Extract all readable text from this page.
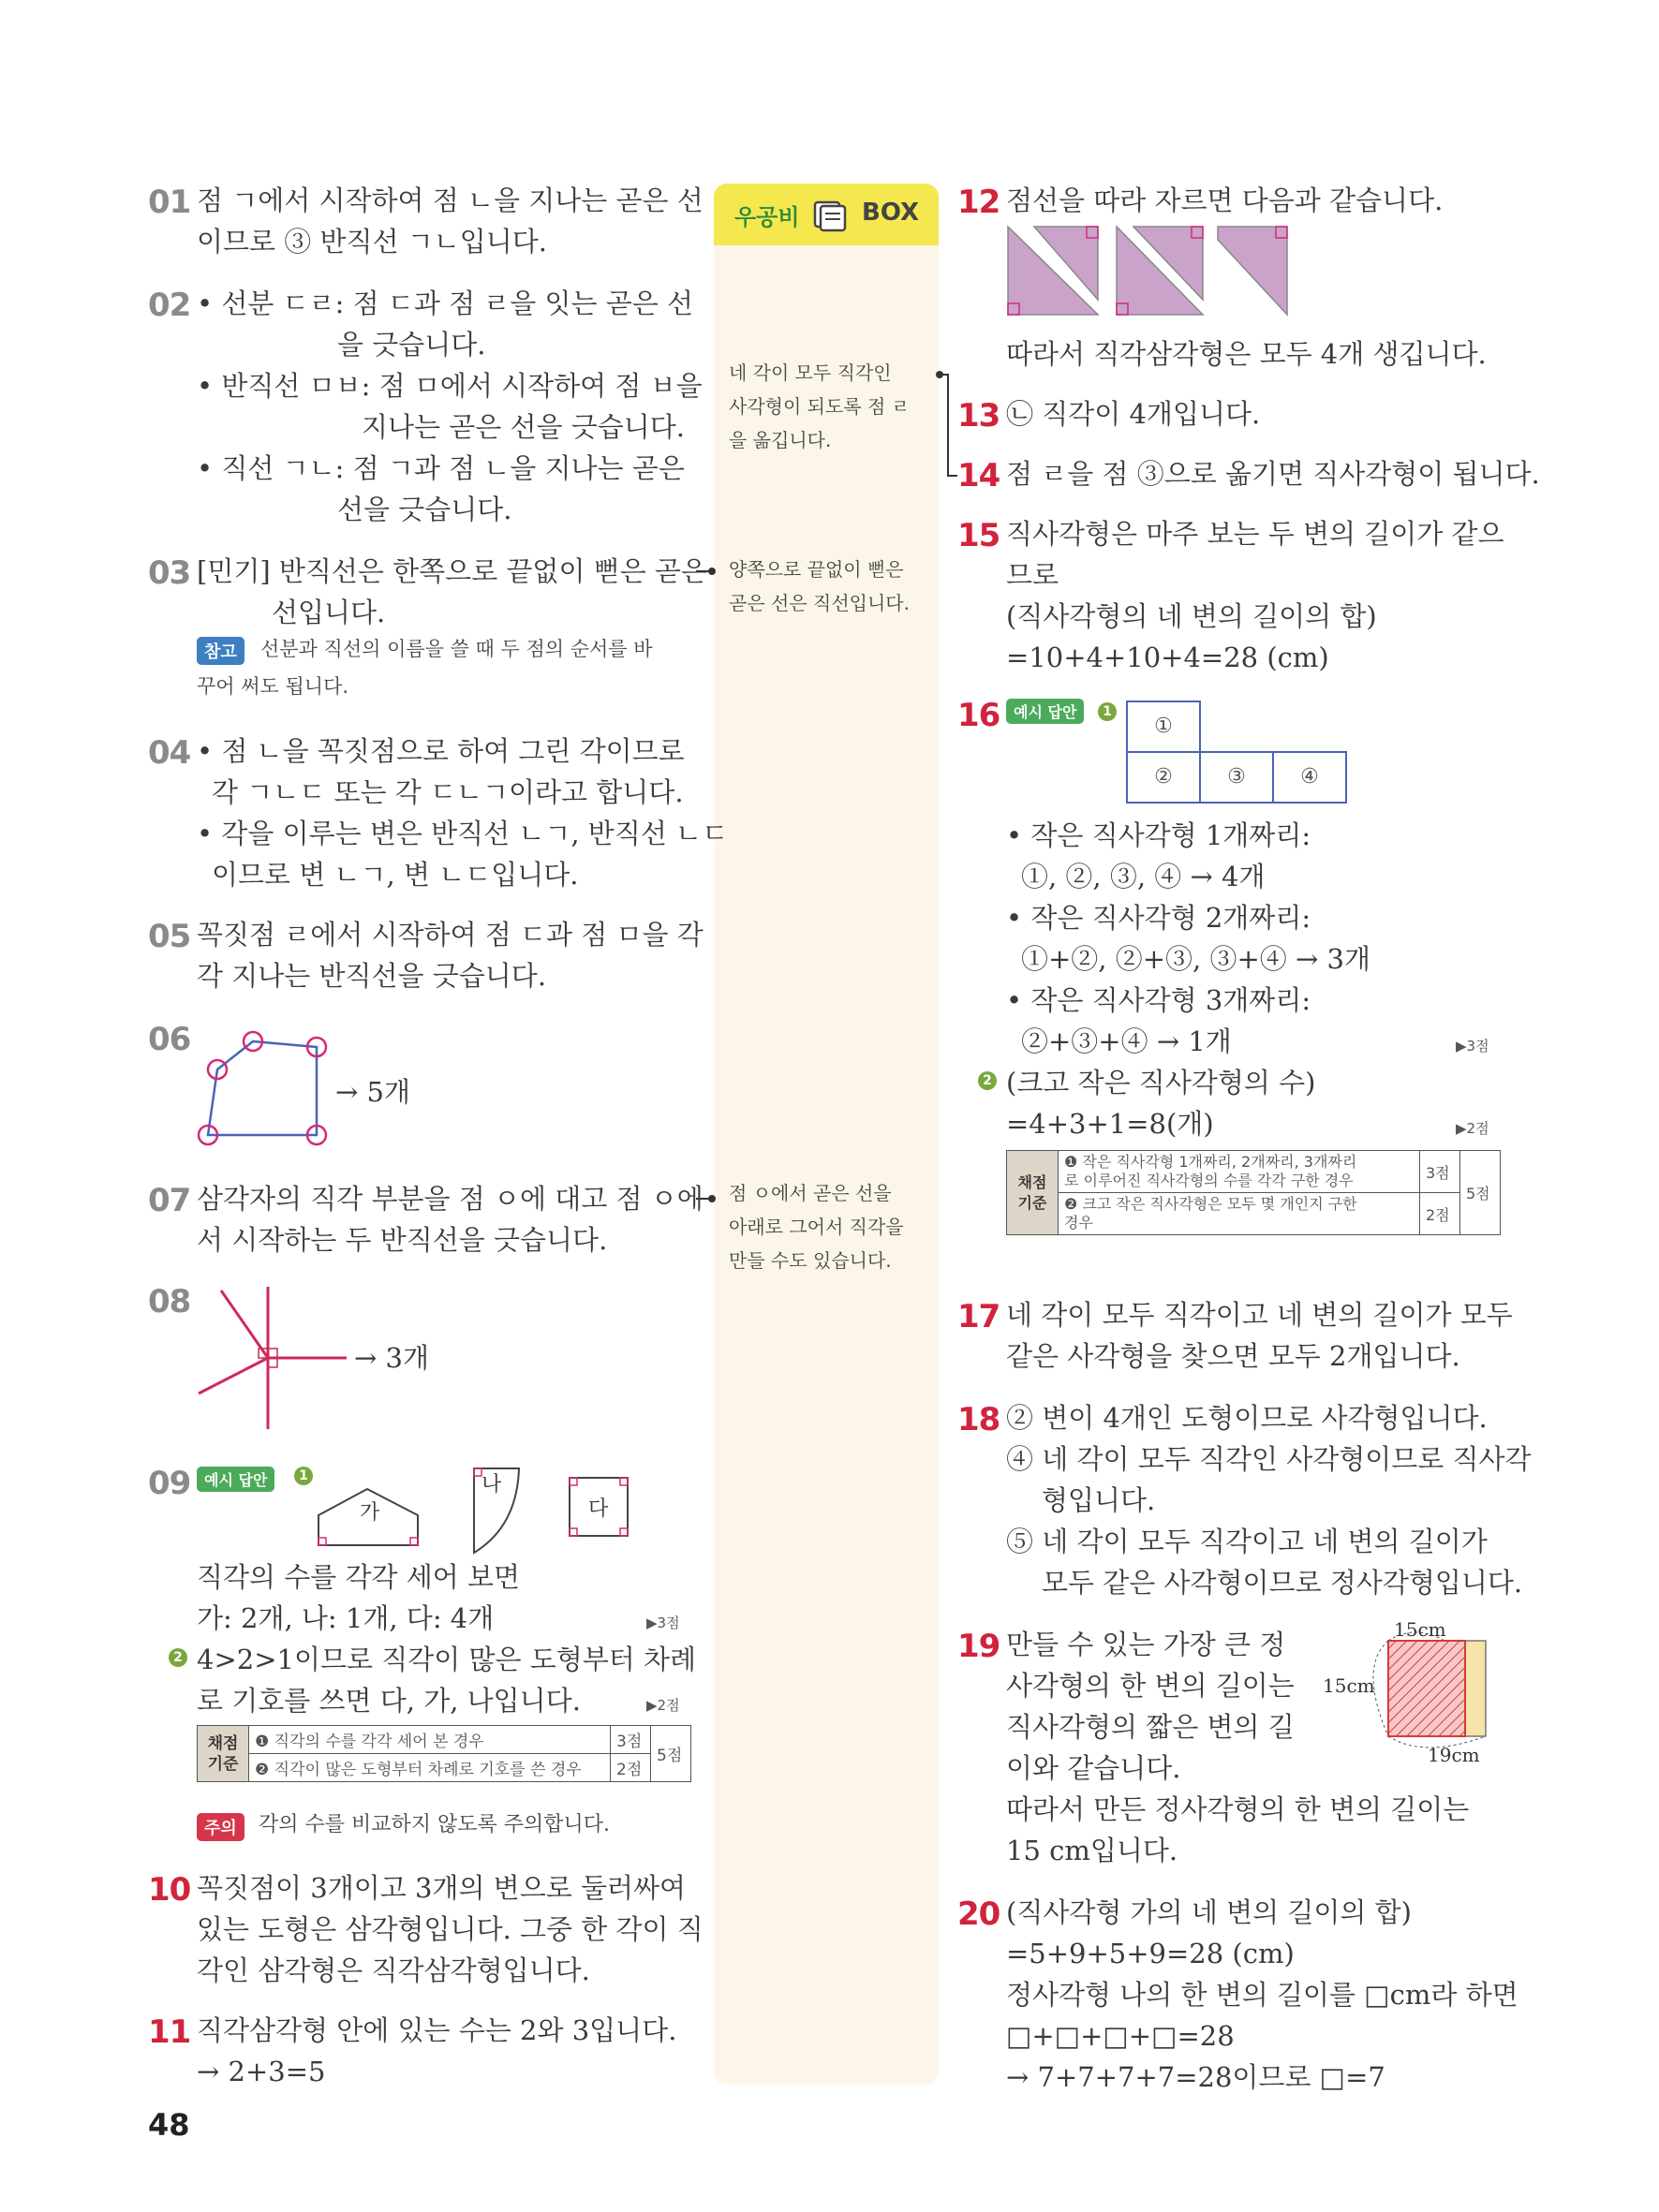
우공비	BOX
네 각이 모두 직각인
사각형이 되도록 점 ㄹ
을 옮깁니다.
양쪽으로 끝없이 뻗은
곧은 선은 직선입니다.
점 ㅇ에서 곧은 선을
아래로 그어서 직각을
만들 수도 있습니다.
01 점 ㄱ에서 시작하여 점 ㄴ을 지나는 곧은 선
이므로 ③ 반직선 ㄱㄴ입니다.
02 • 선분 ㄷㄹ: 점 ㄷ과 점 ㄹ을 잇는 곧은 선
을 긋습니다.
• 반직선 ㅁㅂ: 점 ㅁ에서 시작하여 점 ㅂ을
지나는 곧은 선을 긋습니다.
• 직선 ㄱㄴ: 점 ㄱ과 점 ㄴ을 지나는 곧은
선을 긋습니다.
03 [민기] 반직선은 한쪽으로 끝없이 뻗은 곧은
선입니다.
참고	선분과 직선의 이름을 쓸 때 두 점의 순서를 바
꾸어 써도 됩니다.
04 • 점 ㄴ을 꼭짓점으로 하여 그린 각이므로
각 ㄱㄴㄷ 또는 각 ㄷㄴㄱ이라고 합니다.
• 각을 이루는 변은 반직선 ㄴㄱ, 반직선 ㄴㄷ
이므로 변 ㄴㄱ, 변 ㄴㄷ입니다.
05 꼭짓점 ㄹ에서 시작하여 점 ㄷ과 점 ㅁ을 각
각 지나는 반직선을 긋습니다.
06
→ 5개
07 삼각자의 직각 부분을 점 ㅇ에 대고 점 ㅇ에
서 시작하는 두 반직선을 긋습니다.
08
→ 3개
09 예시 답안	1
가
나
다
직각의 수를 각각 세어 보면
가: 2개, 나: 1개, 다: 4개	▶3점
2 4>2>1이므로 직각이 많은 도형부터 차례
로 기호를 쓰면 다, 가, 나입니다.	▶2점
채점
기준	❶ 직각의 수를 각각 세어 본 경우	3점	5점
	❷ 직각이 많은 도형부터 차례로 기호를 쓴 경우	2점	
주의	각의 수를 비교하지 않도록 주의합니다.
10 꼭짓점이 3개이고 3개의 변으로 둘러싸여
있는 도형은 삼각형입니다. 그중 한 각이 직
각인 삼각형은 직각삼각형입니다.
11 직각삼각형 안에 있는 수는 2와 3입니다.
→ 2+3=5
48
12 점선을 따라 자르면 다음과 같습니다.
따라서 직각삼각형은 모두 4개 생깁니다.
13 ㉡ 직각이 4개입니다.
14 점 ㄹ을 점 ③으로 옮기면 직사각형이 됩니다.
15 직사각형은 마주 보는 두 변의 길이가 같으
므로
(직사각형의 네 변의 길이의 합)
=10+4+10+4=28 (cm)
16 예시 답안	1
①
②	③	④
• 작은 직사각형 1개짜리:
①, ②, ③, ④ → 4개
• 작은 직사각형 2개짜리:
①+②, ②+③, ③+④ → 3개
• 작은 직사각형 3개짜리:
②+③+④ → 1개	▶3점
2 (크고 작은 직사각형의 수)
=4+3+1=8(개)	▶2점
채점
기준	❶ 작은 직사각형 1개짜리, 2개짜리, 3개짜리
로 이루어진 직사각형의 수를 각각 구한 경우	3점	5점
	❷ 크고 작은 직사각형은 모두 몇 개인지 구한
경우	2점	
17 네 각이 모두 직각이고 네 변의 길이가 모두
같은 사각형을 찾으면 모두 2개입니다.
18 ② 변이 4개인 도형이므로 사각형입니다.
④ 네 각이 모두 직각인 사각형이므로 직사각
형입니다.
⑤ 네 각이 모두 직각이고 네 변의 길이가
모두 같은 사각형이므로 정사각형입니다.
19 만들 수 있는 가장 큰 정
사각형의 한 변의 길이는
직사각형의 짧은 변의 길
이와 같습니다.
15cm
15cm
19cm
따라서 만든 정사각형의 한 변의 길이는
15 cm입니다.
20 (직사각형 가의 네 변의 길이의 합)
=5+9+5+9=28 (cm)
정사각형 나의 한 변의 길이를 □cm라 하면
□+□+□+□=28
→ 7+7+7+7=28이므로 □=7
